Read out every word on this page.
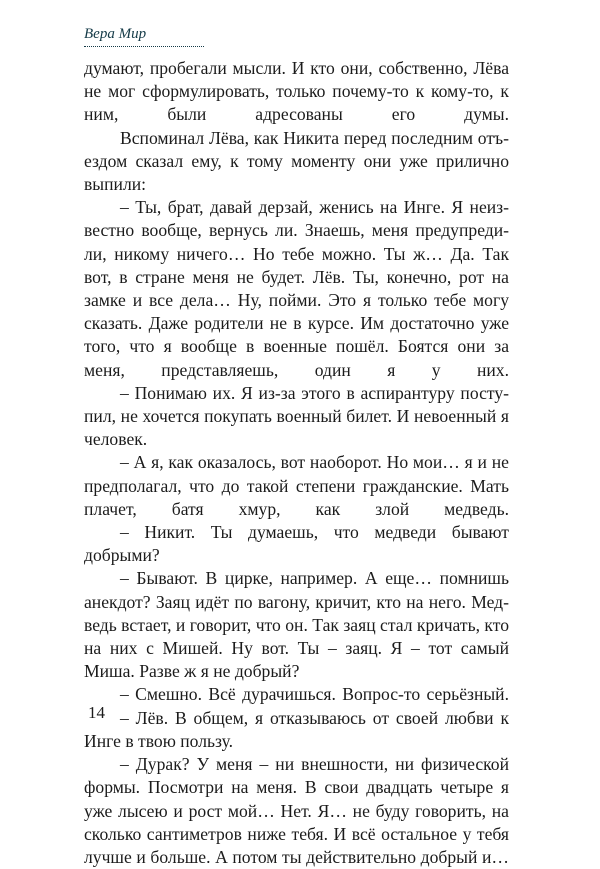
Вера Мир

думают, пробегали мысли. И кто они, собственно, Лёва не мог сформулировать, только почему-то к кому-то, к ним, были адресованы его думы.

Вспоминал Лёва, как Никита перед последним отъездом сказал ему, к тому моменту они уже прилично выпили:

– Ты, брат, давай дерзай, женись на Инге. Я неизвестно вообще, вернусь ли. Знаешь, меня предупредили, никому ничего… Но тебе можно. Ты ж… Да. Так вот, в стране меня не будет. Лёв. Ты, конечно, рот на замке и все дела… Ну, пойми. Это я только тебе могу сказать. Даже родители не в курсе. Им достаточно уже того, что я вообще в военные пошёл. Боятся они за меня, представляешь, один я у них.

– Понимаю их. Я из-за этого в аспирантуру поступил, не хочется покупать военный билет. И невоенный я человек.

– А я, как оказалось, вот наоборот. Но мои… я и не предполагал, что до такой степени гражданские. Мать плачет, батя хмур, как злой медведь.

– Никит. Ты думаешь, что медведи бывают добрыми?

– Бывают. В цирке, например. А еще… помнишь анекдот? Заяц идёт по вагону, кричит, кто на него. Медведь встает, и говорит, что он. Так заяц стал кричать, кто на них с Мишей. Ну вот. Ты – заяц. Я – тот самый Миша. Разве ж я не добрый?

– Смешно. Всё дурачишься. Вопрос-то серьёзный.

– Лёв. В общем, я отказываюсь от своей любви к Инге в твою пользу.

– Дурак? У меня – ни внешности, ни физической формы. Посмотри на меня. В свои двадцать четыре я уже лысею и рост мой… Нет. Я… не буду говорить, на сколько сантиметров ниже тебя. И всё остальное у тебя лучше и больше. А потом ты действительно добрый и…

14
